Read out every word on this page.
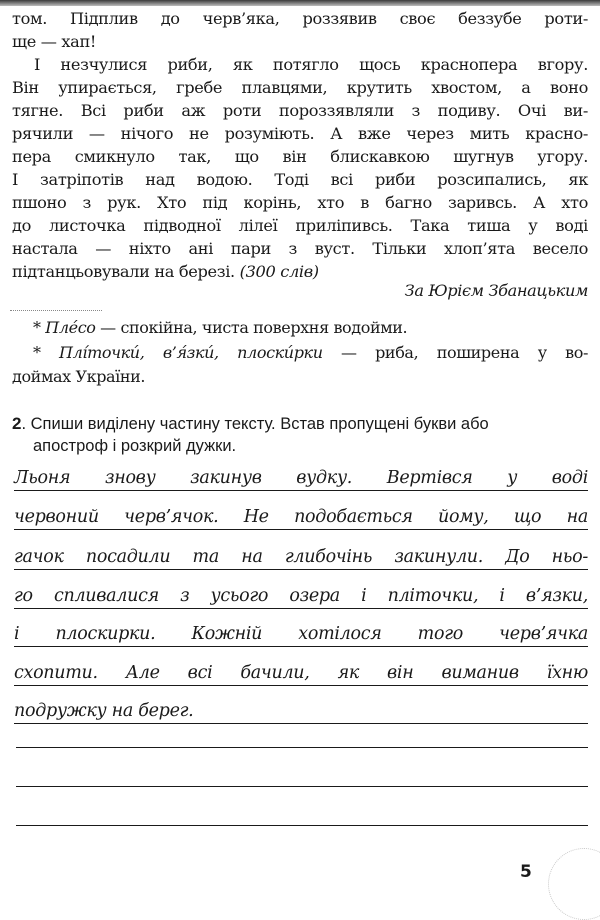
том. Підплив до черв’яка, роззявив своє беззубе роти-
ще — хап!
І незчулися риби, як потягло щось краснопера вгору.
Він упирається, гребе плавцями, крутить хвостом, а воно
тягне. Всі риби аж роти пороззявляли з подиву. Очі ви-
рячили — нічого не розуміють. А вже через мить красно-
пера смикнуло так, що він блискавкою шугнув угору.
І затріпотів над водою. Тоді всі риби розсипались, як
пшоно з рук. Хто під корінь, хто в багно заривсь. А хто
до листочка підводної лілеї приліпивсь. Така тиша у воді
настала — ніхто ані пари з вуст. Тільки хлоп’ята весело
підтанцьовували на березі. (300 слів)
За Юрієм Збанацьким
* Плéсо — спокійна, чиста поверхня водойми.
* Плíточкú, в’я́зкú, плоскúрки — риба, поширена у во-
доймах України.
2. Спиши виділену частину тексту. Встав пропущені букви або
апостроф і розкрий дужки.
Льоня знову закинув вудку. Вертівся у воді
червоний черв’ячок. Не подобається йому, що на
гачок посадили та на глибочінь закинули. До ньо-
го спливалися з усього озера і пліточки, і в’язки,
і плоскирки. Кожній хотілося того черв’ячка
схопити. Але всі бачили, як він виманив їхню
подружку на берег.
5
